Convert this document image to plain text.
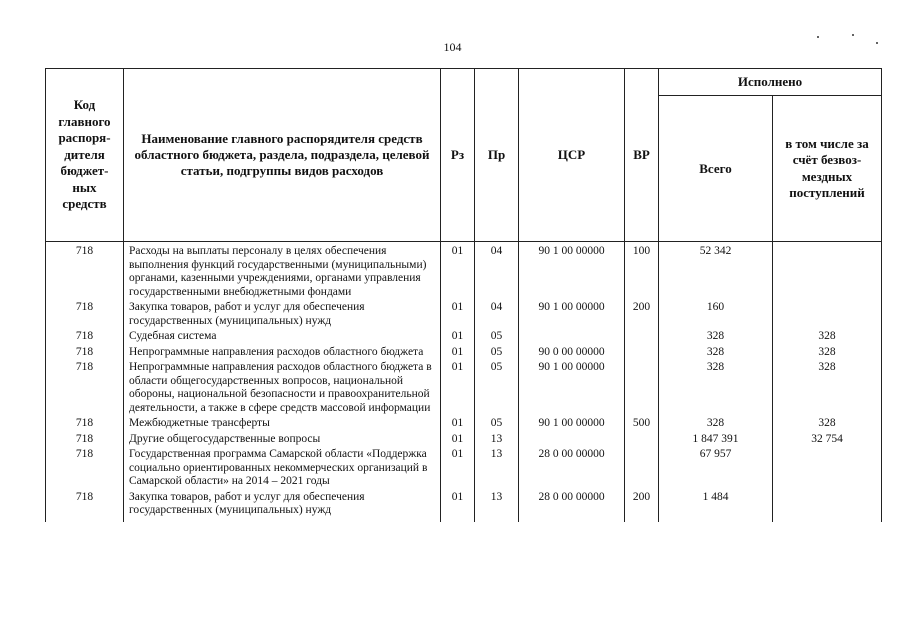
104
Код главного распоря-дителя бюджет-ных средств	Наименование главного распорядителя средств областного бюджета, раздела, подраздела, целевой статьи, подгруппы видов расходов	Рз	Пр	ЦСР	ВР	Исполнено	
						Всего	в том числе за счёт безвоз-мездных поступлений
718	Расходы на выплаты персоналу в целях обеспечения выполнения функций государственными (муниципальными) органами, казенными учреждениями, органами управления государственными внебюджетными фондами	01	04	90 1 00 00000	100	52 342	
718	Закупка товаров, работ и услуг для обеспечения государственных (муниципальных) нужд	01	04	90 1 00 00000	200	160	
718	Судебная система	01	05			328	328
718	Непрограммные направления расходов областного бюджета	01	05	90 0 00 00000		328	328
718	Непрограммные направления расходов областного бюджета в области общегосударственных вопросов, национальной обороны, национальной безопасности и правоохранительной деятельности, а также в сфере средств массовой информации	01	05	90 1 00 00000		328	328
718	Межбюджетные трансферты	01	05	90 1 00 00000	500	328	328
718	Другие общегосударственные вопросы	01	13			1 847 391	32 754
718	Государственная программа Самарской области «Поддержка социально ориентированных некоммерческих организаций в Самарской области» на 2014 – 2021 годы	01	13	28 0 00 00000		67 957	
718	Закупка товаров, работ и услуг для обеспечения государственных (муниципальных) нужд	01	13	28 0 00 00000	200	1 484	
